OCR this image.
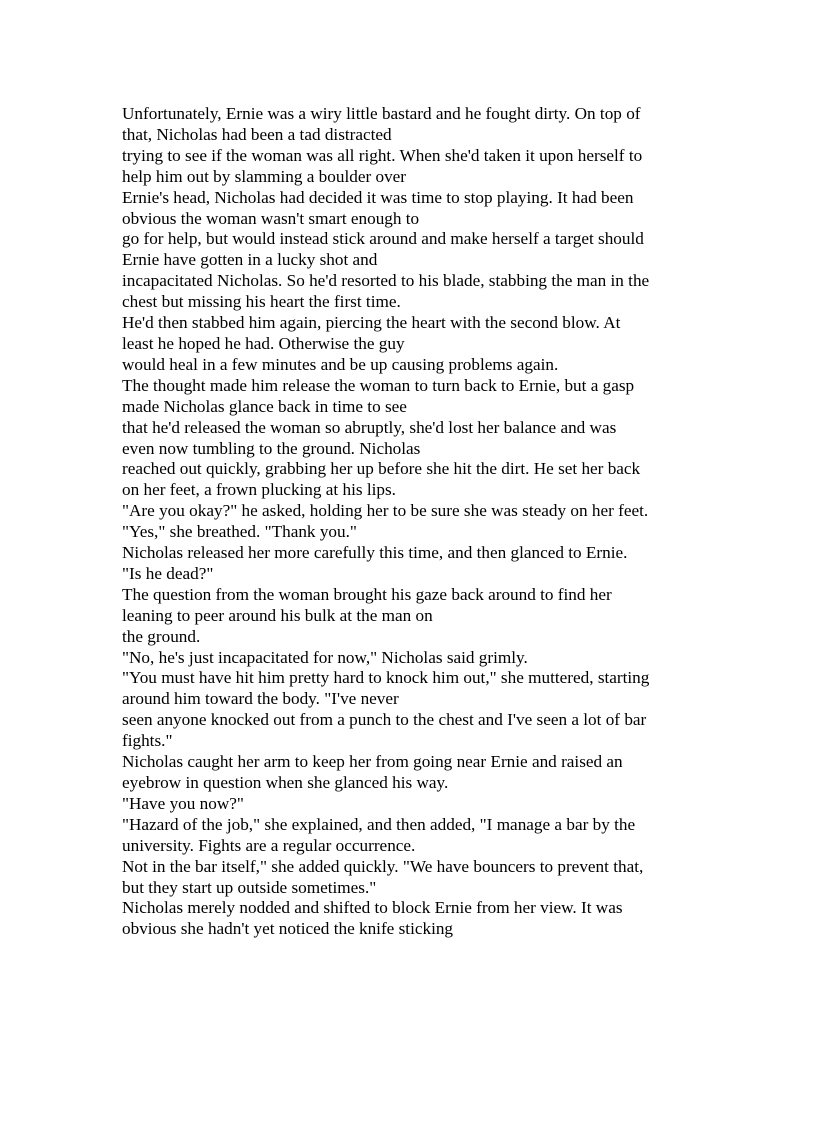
Unfortunately, Ernie was a wiry little bastard and he fought dirty. On top of
that, Nicholas had been a tad distracted
trying to see if the woman was all right. When she'd taken it upon herself to
help him out by slamming a boulder over
Ernie's head, Nicholas had decided it was time to stop playing. It had been
obvious the woman wasn't smart enough to
go for help, but would instead stick around and make herself a target should
Ernie have gotten in a lucky shot and
incapacitated Nicholas. So he'd resorted to his blade, stabbing the man in the
chest but missing his heart the first time.
He'd then stabbed him again, piercing the heart with the second blow. At
least he hoped he had. Otherwise the guy
would heal in a few minutes and be up causing problems again.
The thought made him release the woman to turn back to Ernie, but a gasp
made Nicholas glance back in time to see
that he'd released the woman so abruptly, she'd lost her balance and was
even now tumbling to the ground. Nicholas
reached out quickly, grabbing her up before she hit the dirt. He set her back
on her feet, a frown plucking at his lips.
"Are you okay?" he asked, holding her to be sure she was steady on her feet.
"Yes," she breathed. "Thank you."
Nicholas released her more carefully this time, and then glanced to Ernie.
"Is he dead?"
The question from the woman brought his gaze back around to find her
leaning to peer around his bulk at the man on
the ground.
"No, he's just incapacitated for now," Nicholas said grimly.
"You must have hit him pretty hard to knock him out," she muttered, starting
around him toward the body. "I've never
seen anyone knocked out from a punch to the chest and I've seen a lot of bar
fights."
Nicholas caught her arm to keep her from going near Ernie and raised an
eyebrow in question when she glanced his way.
"Have you now?"
"Hazard of the job," she explained, and then added, "I manage a bar by the
university. Fights are a regular occurrence.
Not in the bar itself," she added quickly. "We have bouncers to prevent that,
but they start up outside sometimes."
Nicholas merely nodded and shifted to block Ernie from her view. It was
obvious she hadn't yet noticed the knife sticking
